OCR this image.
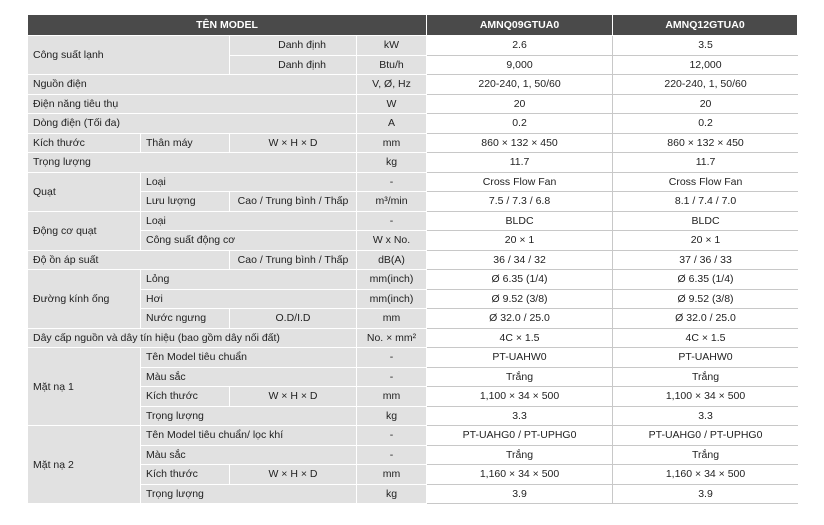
TÊN MODEL				AMNQ09GTUA0	AMNQ12GTUA0
Công suất lạnh		Danh định	kW	2.6	3.5
		Danh định	Btu/h	9,000	12,000
Nguồn điện			V, Ø, Hz	220-240, 1, 50/60	220-240, 1, 50/60
Điện năng tiêu thụ			W	20	20
Dòng điện (Tối đa)			A	0.2	0.2
Kích thước	Thân máy	W × H × D	mm	860 × 132 × 450	860 × 132 × 450
Trọng lượng			kg	11.7	11.7
Quạt	Loại		-	Cross Flow Fan	Cross Flow Fan
	Lưu lượng	Cao / Trung bình / Thấp	m³/min	7.5 / 7.3 / 6.8	8.1 / 7.4 / 7.0
Động cơ quạt	Loại		-	BLDC	BLDC
	Công suất động cơ		W x No.	20 × 1	20 × 1
Độ ồn áp suất		Cao / Trung bình / Thấp	dB(A)	36 / 34 / 32	37 / 36 / 33
Đường kính ống	Lỏng		mm(inch)	Ø 6.35 (1/4)	Ø 6.35 (1/4)
	Hơi		mm(inch)	Ø 9.52 (3/8)	Ø 9.52 (3/8)
	Nước ngưng	O.D/I.D	mm	Ø 32.0 / 25.0	Ø 32.0 / 25.0
Dây cấp nguồn và dây tín hiệu (bao gồm dây nối đất)			No. × mm²	4C × 1.5	4C × 1.5
Mặt nạ 1	Tên Model tiêu chuẩn		-	PT-UAHW0	PT-UAHW0
	Màu sắc		-	Trắng	Trắng
	Kích thước	W × H × D	mm	1,100 × 34 × 500	1,100 × 34 × 500
	Trọng lượng		kg	3.3	3.3
Mặt nạ 2	Tên Model tiêu chuẩn/ lọc khí		-	PT-UAHG0 / PT-UPHG0	PT-UAHG0 / PT-UPHG0
	Màu sắc		-	Trắng	Trắng
	Kích thước	W × H × D	mm	1,160 × 34 × 500	1,160 × 34 × 500
	Trọng lượng		kg	3.9	3.9
